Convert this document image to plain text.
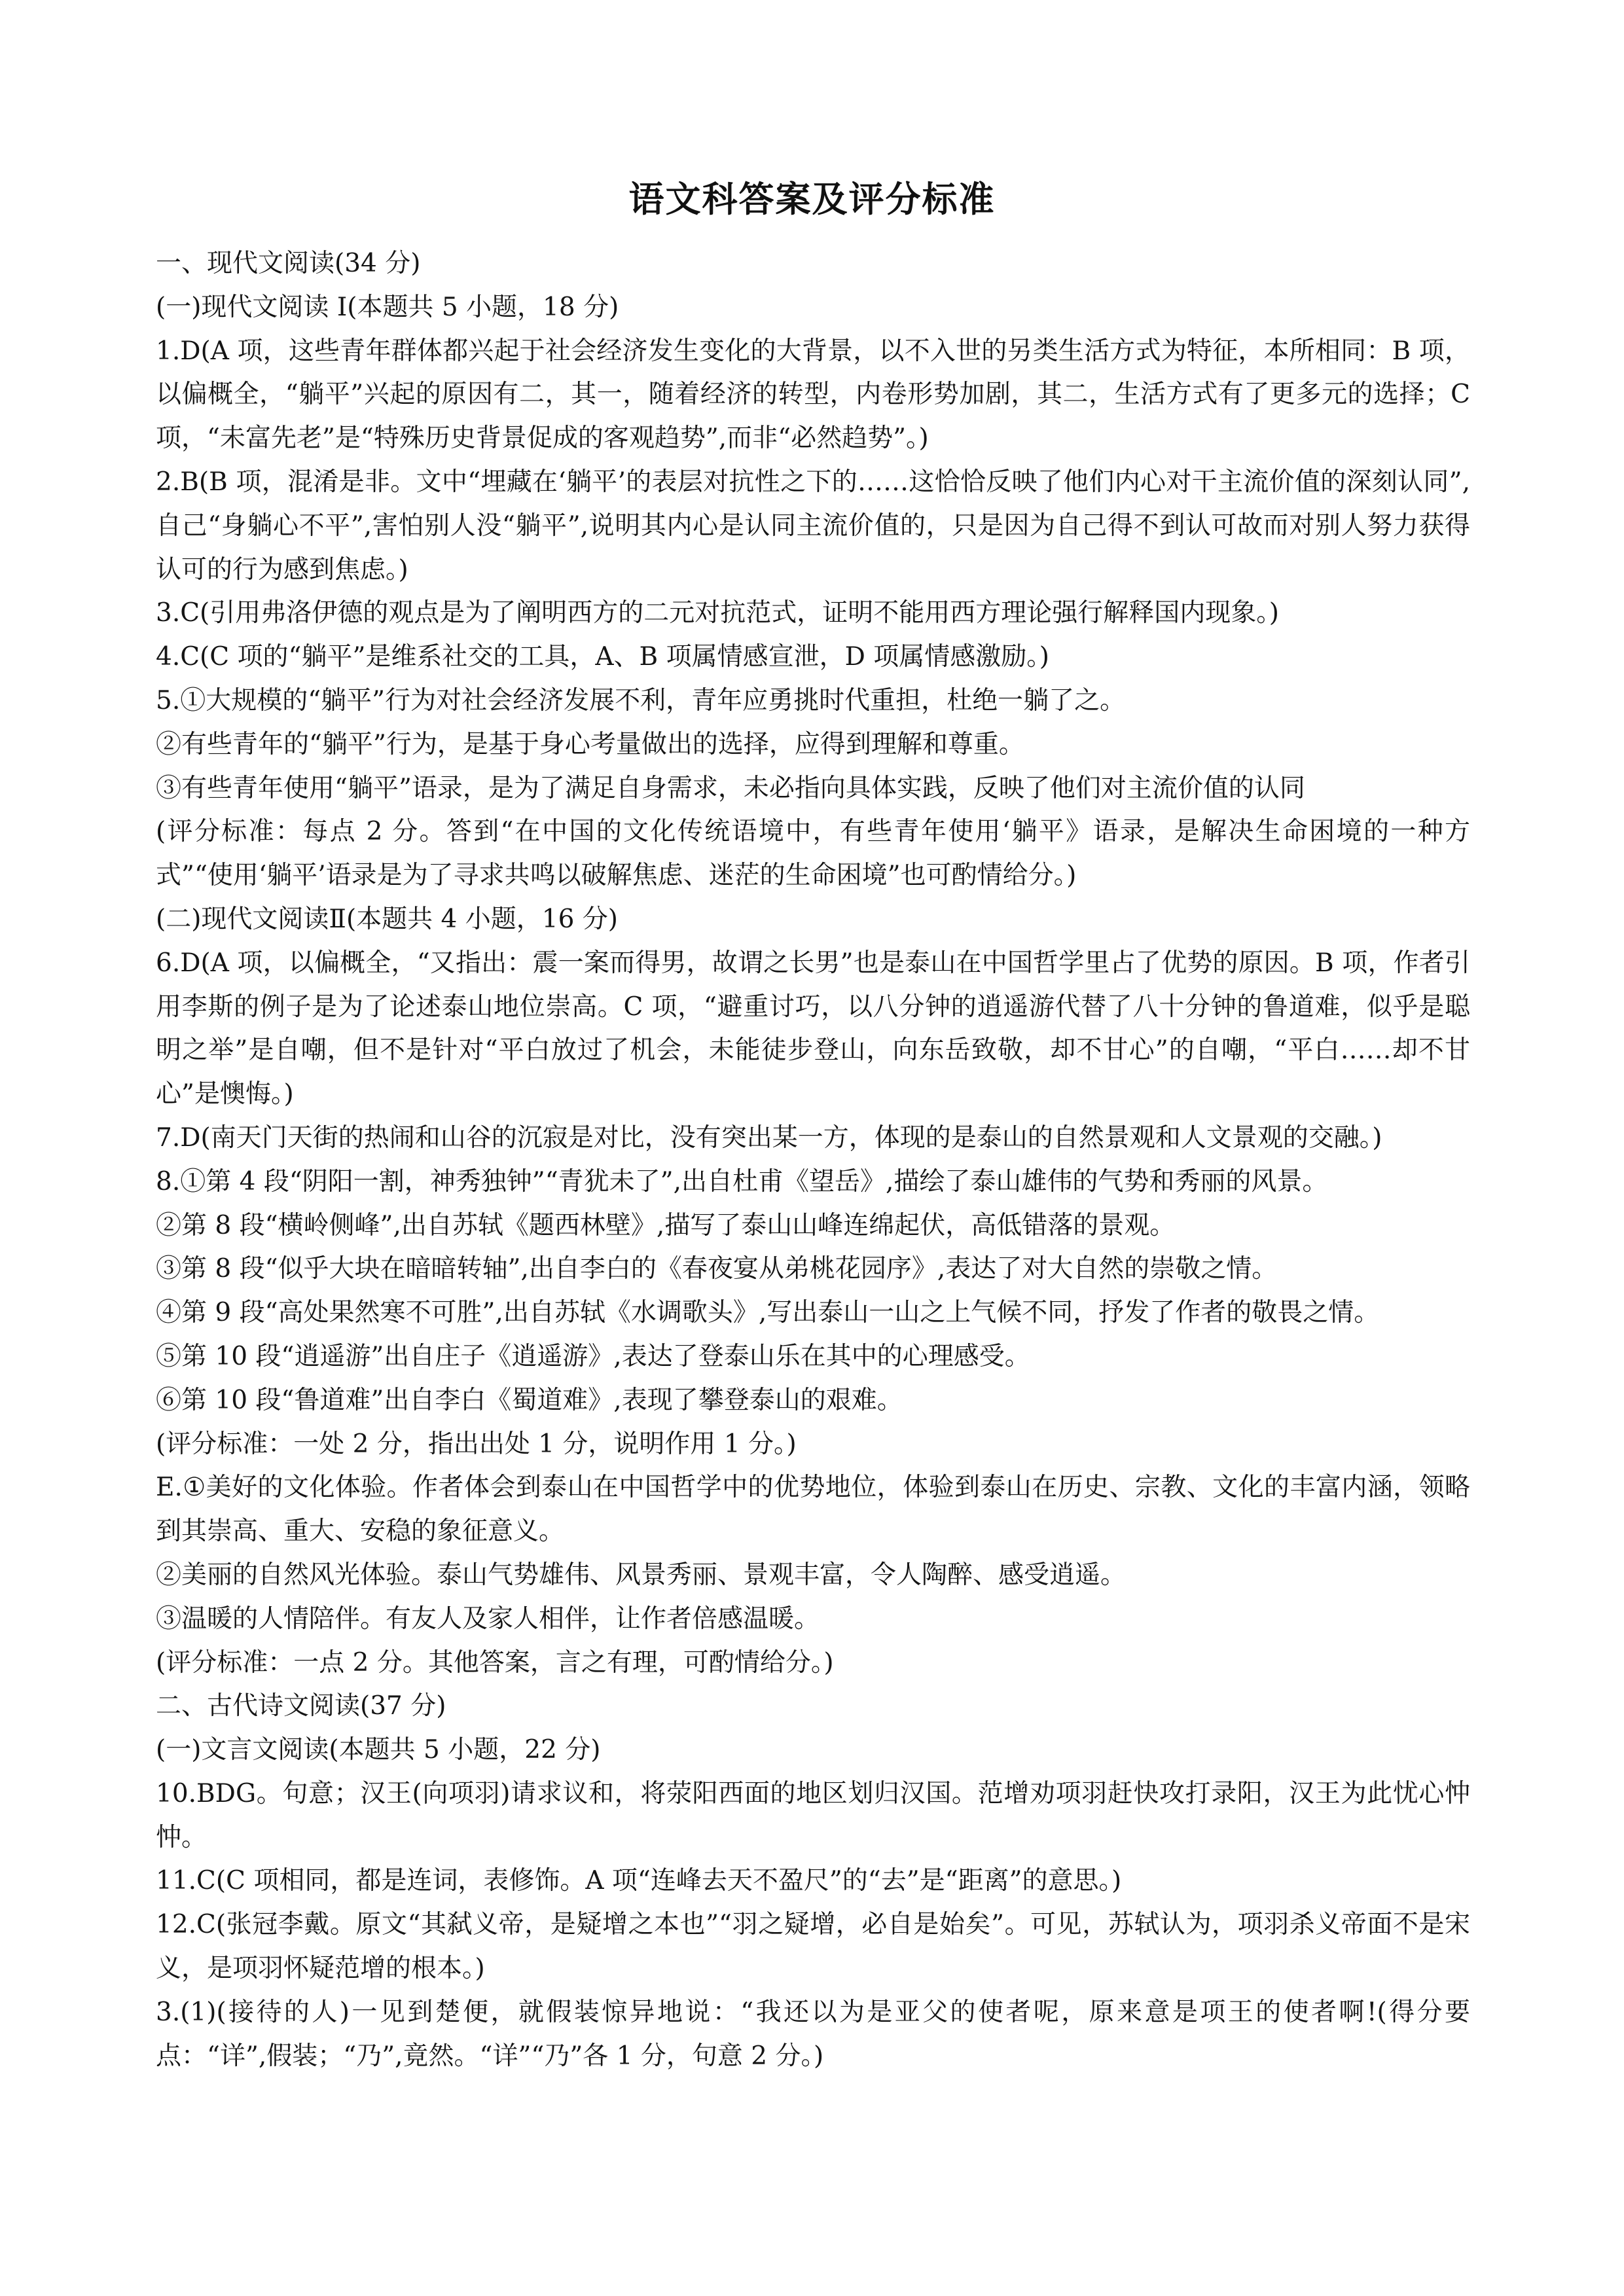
语文科答案及评分标准

一、现代文阅读(34 分)

(一)现代文阅读 I(本题共 5 小题，18 分)

1.D(A 项，这些青年群体都兴起于社会经济发生变化的大背景，以不入世的另类生活方式为特征，本所相同：B 项，以偏概全，“躺平”兴起的原因有二，其一，随着经济的转型，内卷形势加剧，其二，生活方式有了更多元的选择；C 项，“未富先老”是“特殊历史背景促成的客观趋势”,而非“必然趋势”。)

2.B(B 项，混淆是非。文中“埋藏在‘躺平’的表层对抗性之下的……这恰恰反映了他们内心对干主流价值的深刻认同”,自己“身躺心不平”,害怕别人没“躺平”,说明其内心是认同主流价值的，只是因为自己得不到认可故而对别人努力获得认可的行为感到焦虑。)

3.C(引用弗洛伊德的观点是为了阐明西方的二元对抗范式，证明不能用西方理论强行解释国内现象。)

4.C(C 项的“躺平”是维系社交的工具，A、B 项属情感宣泄，D 项属情感激励。)

5.①大规模的“躺平”行为对社会经济发展不利，青年应勇挑时代重担，杜绝一躺了之。

②有些青年的“躺平”行为，是基于身心考量做出的选择，应得到理解和尊重。

③有些青年使用“躺平”语录，是为了满足自身需求，未必指向具体实践，反映了他们对主流价值的认同

(评分标准：每点 2 分。答到“在中国的文化传统语境中，有些青年使用‘躺平》语录，是解决生命困境的一种方式”“使用‘躺平’语录是为了寻求共鸣以破解焦虑、迷茫的生命困境”也可酌情给分。)

(二)现代文阅读Ⅱ(本题共 4 小题，16 分)

6.D(A 项，以偏概全，“又指出：震一案而得男，故谓之长男”也是泰山在中国哲学里占了优势的原因。B 项，作者引用李斯的例子是为了论述泰山地位崇高。C 项，“避重讨巧，以八分钟的逍遥游代替了八十分钟的鲁道难，似乎是聪明之举”是自嘲，但不是针对“平白放过了机会，未能徒步登山，向东岳致敬，却不甘心”的自嘲，“平白……却不甘心”是懊悔。)

7.D(南天门天街的热闹和山谷的沉寂是对比，没有突出某一方，体现的是泰山的自然景观和人文景观的交融。)

8.①第 4 段“阴阳一割，神秀独钟”“青犹未了”,出自杜甫《望岳》,描绘了泰山雄伟的气势和秀丽的风景。

②第 8 段“横岭侧峰”,出自苏轼《题西林壁》,描写了泰山山峰连绵起伏，高低错落的景观。

③第 8 段“似乎大块在暗暗转轴”,出自李白的《春夜宴从弟桃花园序》,表达了对大自然的崇敬之情。

④第 9 段“高处果然寒不可胜”,出自苏轼《水调歌头》,写出泰山一山之上气候不同，抒发了作者的敬畏之情。

⑤第 10 段“逍遥游”出自庄子《逍遥游》,表达了登泰山乐在其中的心理感受。

⑥第 10 段“鲁道难”出自李白《蜀道难》,表现了攀登泰山的艰难。

(评分标准：一处 2 分，指出出处 1 分，说明作用 1 分。)

E.①美好的文化体验。作者体会到泰山在中国哲学中的优势地位，体验到泰山在历史、宗教、文化的丰富内涵，领略到其崇高、重大、安稳的象征意义。

②美丽的自然风光体验。泰山气势雄伟、风景秀丽、景观丰富，令人陶醉、感受逍遥。

③温暖的人情陪伴。有友人及家人相伴，让作者倍感温暖。

(评分标准：一点 2 分。其他答案，言之有理，可酌情给分。)

二、古代诗文阅读(37 分)

(一)文言文阅读(本题共 5 小题，22 分)

10.BDG。句意；汉王(向项羽)请求议和，将荥阳西面的地区划归汉国。范增劝项羽赶快攻打录阳，汉王为此忧心忡忡。

11.C(C 项相同，都是连词，表修饰。A 项“连峰去天不盈尺”的“去”是“距离”的意思。)

12.C(张冠李戴。原文“其弑义帝，是疑增之本也”“羽之疑增，必自是始矣”。可见，苏轼认为，项羽杀义帝面不是宋义，是项羽怀疑范增的根本。)

3.(1)(接待的人)一见到楚便，就假装惊异地说：“我还以为是亚父的使者呢，原来意是项王的使者啊!(得分要点：“详”,假装；“乃”,竟然。“详”“乃”各 1 分，句意 2 分。)
